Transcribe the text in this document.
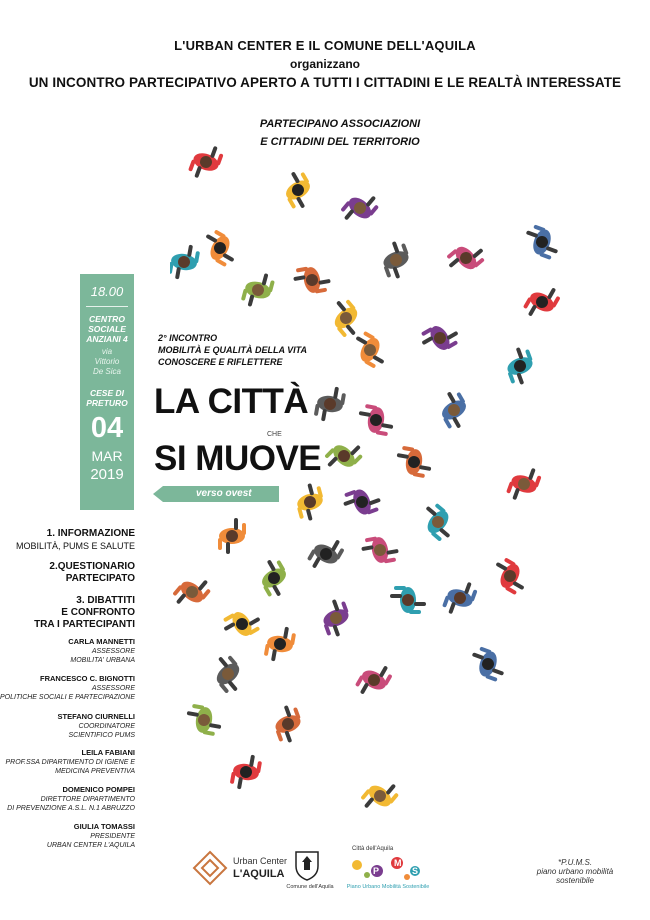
L'URBAN CENTER E IL COMUNE DELL'AQUILA
organizzano
UN INCONTRO PARTECIPATIVO APERTO A TUTTI I CITTADINI E LE REALTÀ INTERESSATE
PARTECIPANO ASSOCIAZIONI
E CITTADINI DEL TERRITORIO
18.00
CENTRO
SOCIALE
ANZIANI 4
via
Vittorio
De Sica
CESE DI
PRETURO
04
MAR
2019
2° INCONTRO
MOBILITÀ E QUALITÀ DELLA VITA
CONOSCERE E RIFLETTERE
LA CITTÀ
CHE
SI MUOVE
verso ovest
1. INFORMAZIONE
MOBILITÀ, PUMS E SALUTE
2.QUESTIONARIO
PARTECIPATO
3. DIBATTITI
E CONFRONTO
TRA I PARTECIPANTI
CARLA MANNETTI
ASSESSORE
MOBILITA' URBANA
FRANCESCO C. BIGNOTTI
ASSESSORE
POLITICHE SOCIALI E PARTECIPAZIONE
STEFANO CIURNELLI
COORDINATORE
SCIENTIFICO PUMS
LEILA FABIANI
PROF.SSA DIPARTIMENTO DI IGIENE E
MEDICINA PREVENTIVA
DOMENICO POMPEI
DIRETTORE DIPARTIMENTO
DI PREVENZIONE A.S.L. N.1 ABRUZZO
GIULIA TOMASSI
PRESIDENTE
URBAN CENTER L'AQUILA
Urban Center
L'AQUILA
Comune dell'Aquila
Città dell'Aquila
U
P
M
S
Piano Urbano Mobilità Sostenibile
*P.U.M.S.
piano urbano mobilità
sostenibile
